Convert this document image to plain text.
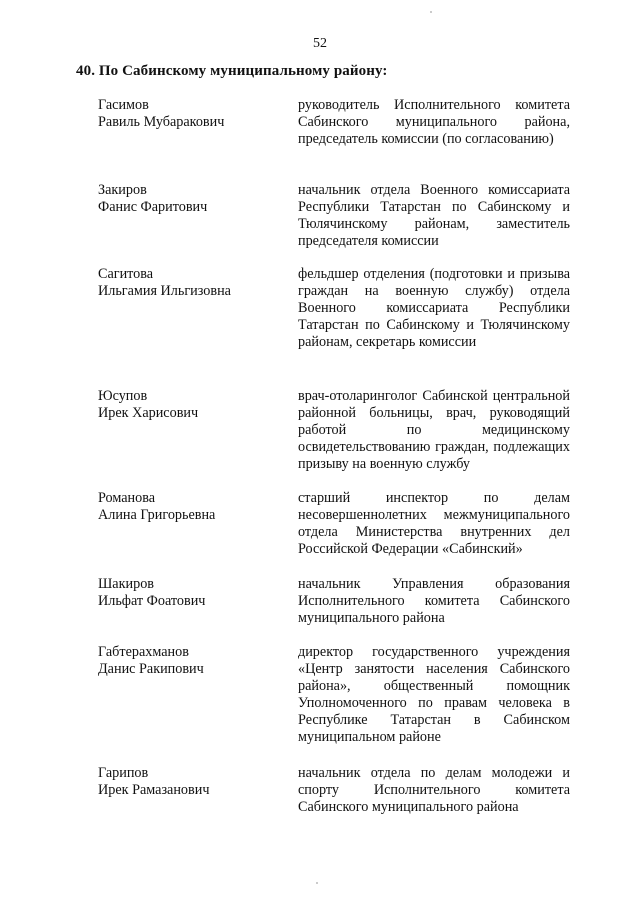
52
40. По Сабинскому муниципальному району:
Гасимов
Равиль Мубаракович
руководитель Исполнительного комитета Сабинского муниципального района, председатель комиссии (по согласованию)
Закиров
Фанис Фаритович
начальник отдела Военного комиссариата Республики Татарстан по Сабинскому и Тюлячинскому районам, заместитель председателя комиссии
Сагитова
Ильгамия Ильгизовна
фельдшер отделения (подготовки и призыва граждан на военную службу) отдела Военного комиссариата Республики Татарстан по Сабинскому и Тюлячинскому районам, секретарь комиссии
Юсупов
Ирек Харисович
врач-отоларинголог Сабинской центральной районной больницы, врач, руководящий работой по медицинскому освидетельствованию граждан, подлежащих призыву на военную службу
Романова
Алина Григорьевна
старший инспектор по делам несовершеннолетних межмуниципального отдела Министерства внутренних дел Российской Федерации «Сабинский»
Шакиров
Ильфат Фоатович
начальник Управления образования Исполнительного комитета Сабинского муниципального района
Габтерахманов
Данис Ракипович
директор государственного учреждения «Центр занятости населения Сабинского района», общественный помощник Уполномоченного по правам человека в Республике Татарстан в Сабинском муниципальном районе
Гарипов
Ирек Рамазанович
начальник отдела по делам молодежи и спорту Исполнительного комитета Сабинского муниципального района
